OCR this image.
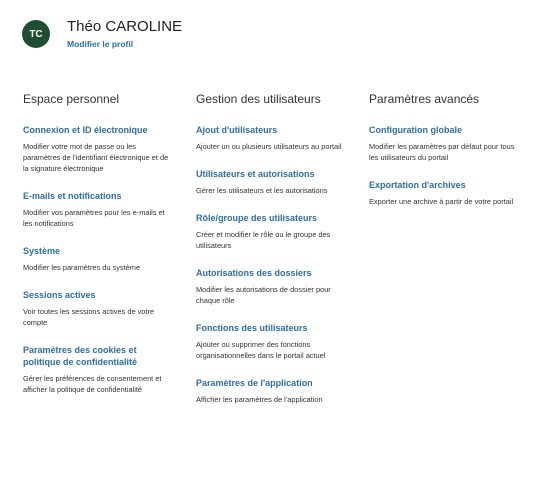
TC	Théo CAROLINE
Modifier le profil
Espace personnel
Connexion et ID électronique
Modifier votre mot de passe ou les paramètres de l'identifiant électronique et de la signature électronique
E-mails et notifications
Modifier vos paramètres pour les e-mails et les notifications
Système
Modifier les paramètres du système
Sessions actives
Voir toutes les sessions actives de votre compte
Paramètres des cookies et politique de confidentialité
Gérer les préférences de consentement et afficher la politique de confidentialité
Gestion des utilisateurs
Ajout d'utilisateurs
Ajouter un ou plusieurs utilisateurs au portail
Utilisateurs et autorisations
Gérer les utilisateurs et les autorisations
Rôle/groupe des utilisateurs
Créer et modifier le rôle ou le groupe des utilisateurs
Autorisations des dossiers
Modifier les autorisations de dossier pour chaque rôle
Fonctions des utilisateurs
Ajouter ou supprimer des fonctions organisationnelles dans le portail actuel
Paramètres de l'application
Afficher les paramètres de l'application
Paramètres avancés
Configuration globale
Modifier les paramètres par défaut pour tous les utilisateurs du portail
Exportation d'archives
Exporter une archive à partir de votre portail
